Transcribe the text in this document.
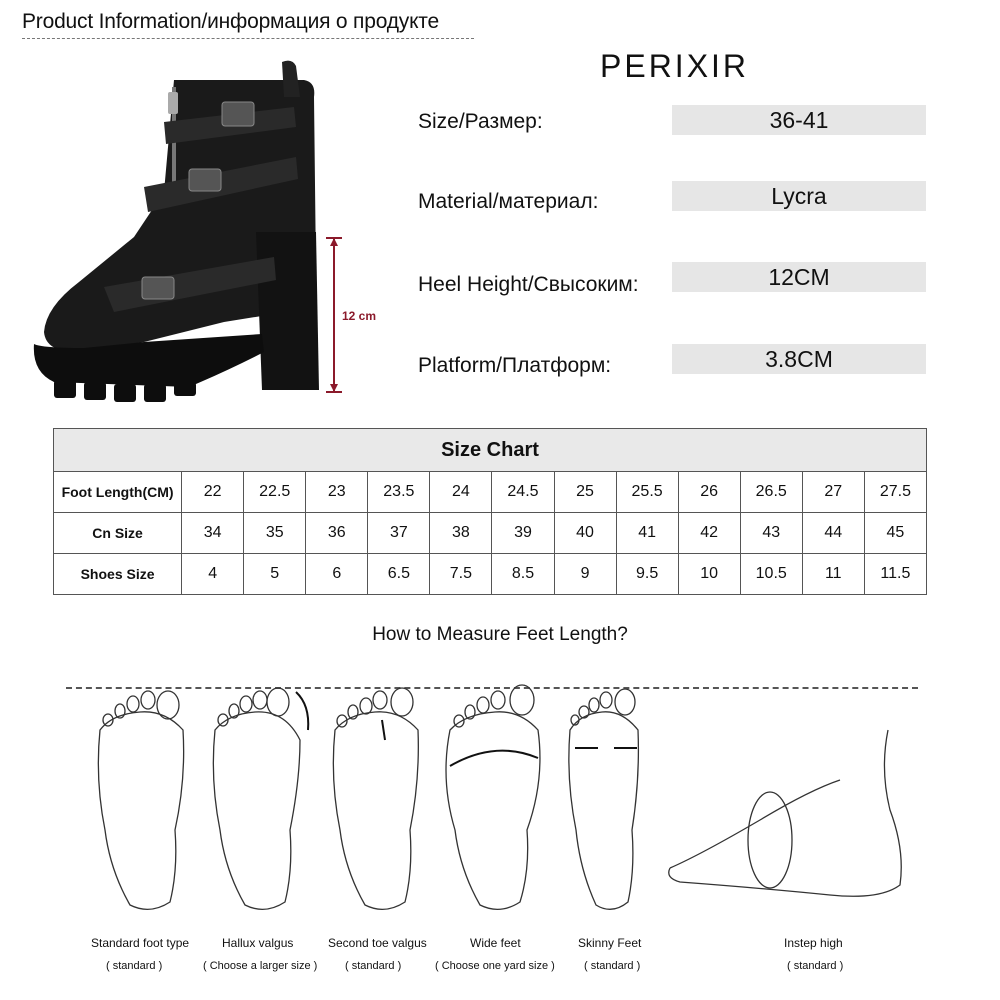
Product Information/информация о продукте
PERIXIR
12 cm
Size/Размер:	36-41
Material/материал:	Lycra
Heel Height/Свысоким:	12CM
Platform/Платформ:	3.8CM
Size Chart												
Foot Length(CM)	22	22.5	23	23.5	24	24.5	25	25.5	26	26.5	27	27.5
Cn Size	34	35	36	37	38	39	40	41	42	43	44	45
Shoes Size	4	5	6	6.5	7.5	8.5	9	9.5	10	10.5	11	11.5
How to Measure Feet Length?
Standard foot type
( standard )
Hallux valgus
( Choose a larger size )
Second toe valgus
( standard )
Wide feet
( Choose one yard size )
Skinny Feet
( standard )
Instep high
( standard )
